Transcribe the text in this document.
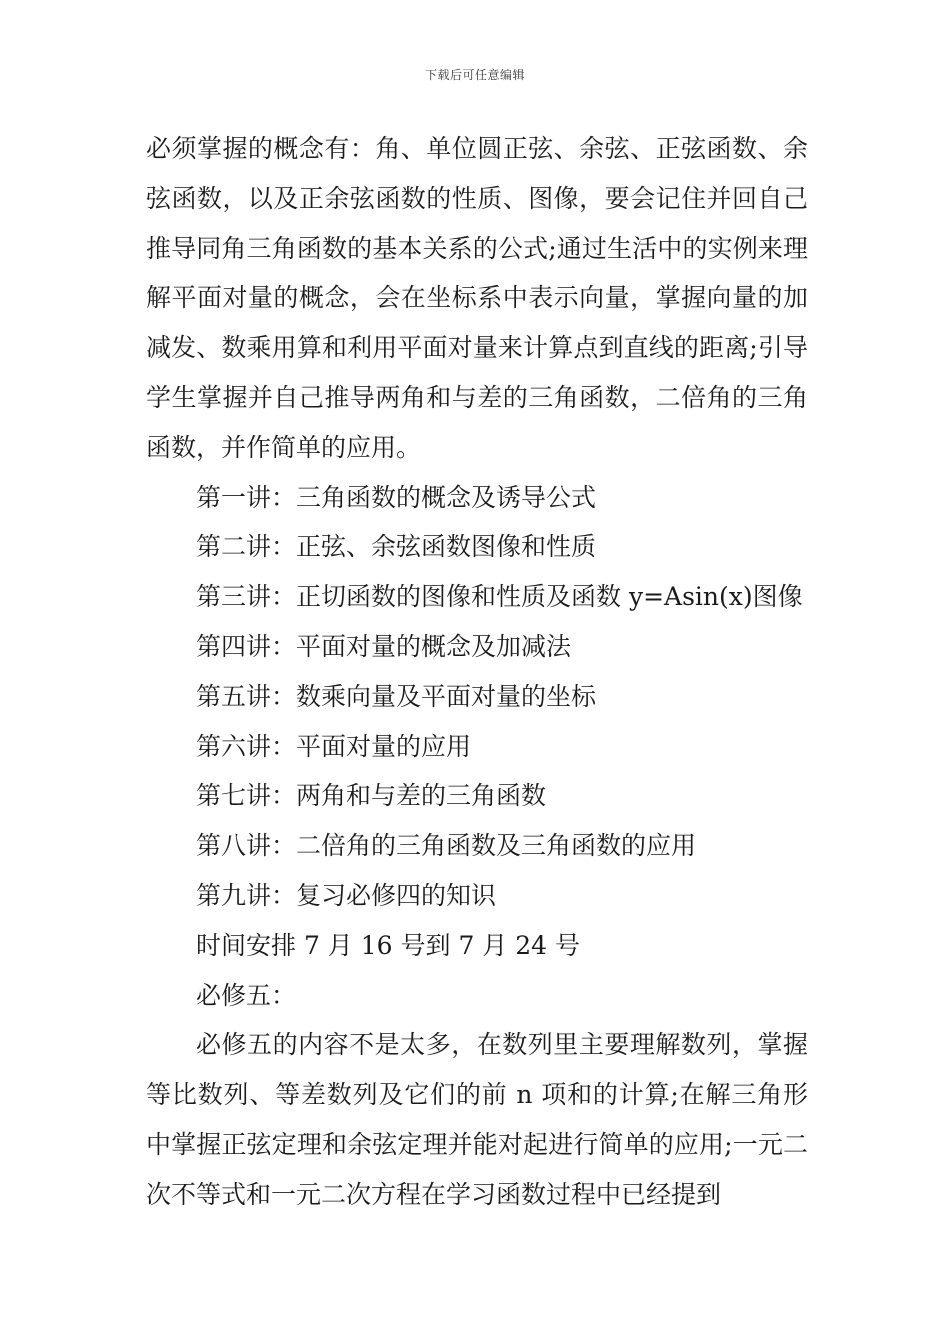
下载后可任意编辑

必须掌握的概念有：角、单位圆正弦、余弦、正弦函数、余弦函数，以及正余弦函数的性质、图像，要会记住并回自己推导同角三角函数的基本关系的公式;通过生活中的实例来理解平面对量的概念，会在坐标系中表示向量，掌握向量的加减发、数乘用算和利用平面对量来计算点到直线的距离;引导学生掌握并自己推导两角和与差的三角函数，二倍角的三角函数，并作简单的应用。

第一讲：三角函数的概念及诱导公式

第二讲：正弦、余弦函数图像和性质

第三讲：正切函数的图像和性质及函数 y=Asin(x)图像

第四讲：平面对量的概念及加减法

第五讲：数乘向量及平面对量的坐标

第六讲：平面对量的应用

第七讲：两角和与差的三角函数

第八讲：二倍角的三角函数及三角函数的应用

第九讲：复习必修四的知识

时间安排 7 月 16 号到 7 月 24 号

必修五：

必修五的内容不是太多，在数列里主要理解数列，掌握等比数列、等差数列及它们的前 n 项和的计算;在解三角形中掌握正弦定理和余弦定理并能对起进行简单的应用;一元二次不等式和一元二次方程在学习函数过程中已经提到
